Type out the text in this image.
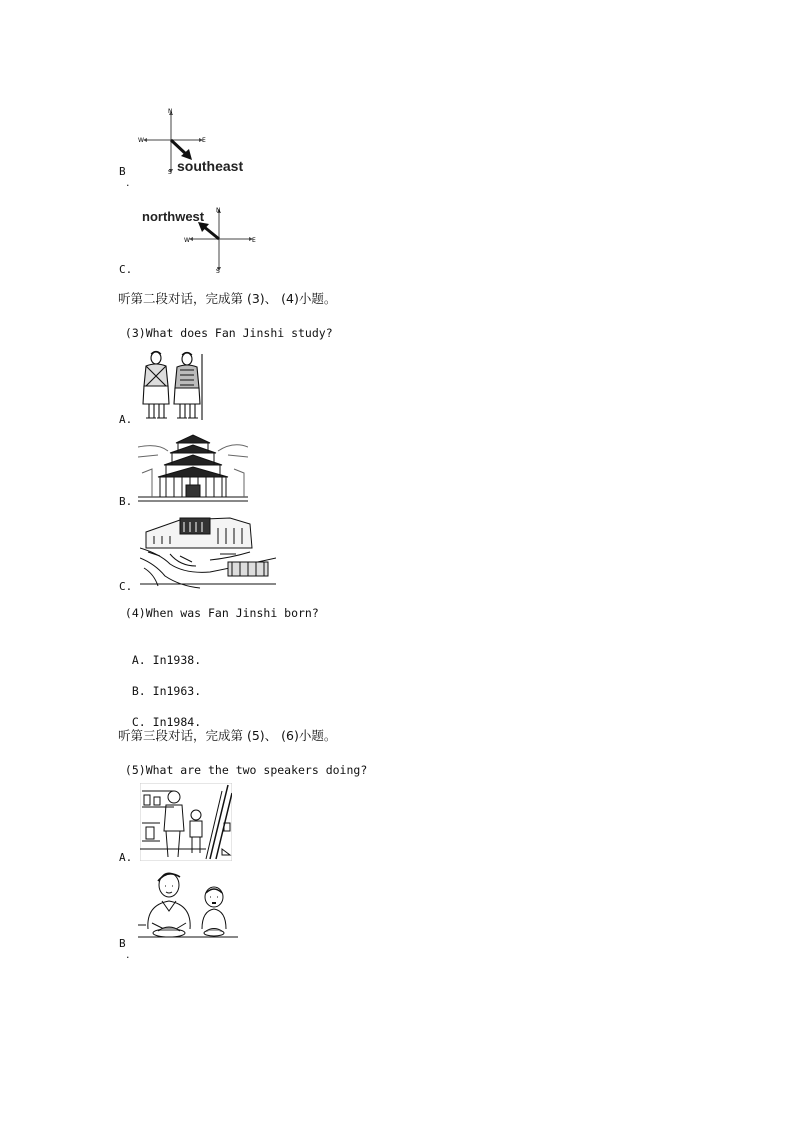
N
S
E
W
southeast
B
.
N
S
E
W
northwest
C.
听第二段对话，完成第 (3)、 (4)小题。
(3)What does Fan Jinshi study?
A.
B.
C.
(4)When was Fan Jinshi born?

A. In1938.

B. In1963.

C. In1984.

听第三段对话，完成第 (5)、 (6)小题。
(5)What are the two speakers doing?
A.
B
.
